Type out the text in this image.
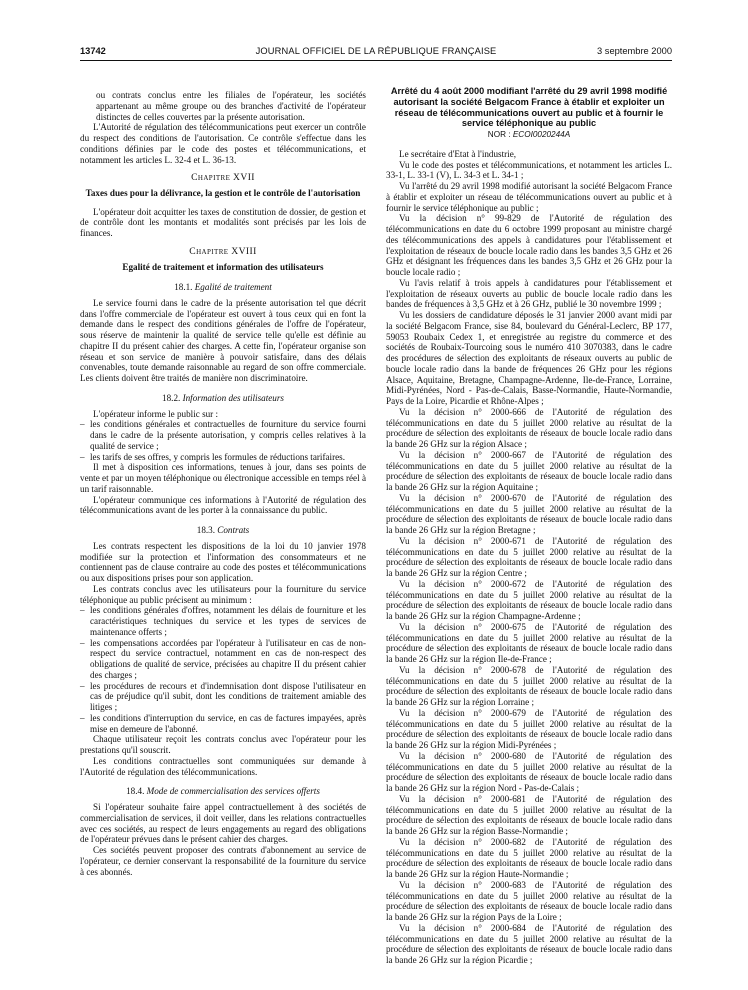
13742	JOURNAL OFFICIEL DE LA RÉPUBLIQUE FRANÇAISE	3 septembre 2000

ou contrats conclus entre les filiales de l'opérateur, les sociétés appartenant au même groupe ou des branches d'activité de l'opérateur distinctes de celles couvertes par la présente autorisation.

L'Autorité de régulation des télécommunications peut exercer un contrôle du respect des conditions de l'autorisation. Ce contrôle s'effectue dans les conditions définies par le code des postes et télécommunications, et notamment les articles L. 32-4 et L. 36-13.

Chapitre XVII
Taxes dues pour la délivrance, la gestion et le contrôle de l'autorisation

L'opérateur doit acquitter les taxes de constitution de dossier, de gestion et de contrôle dont les montants et modalités sont précisés par les lois de finances.

Chapitre XVIII
Egalité de traitement et information des utilisateurs
18.1. Egalité de traitement

Le service fourni dans le cadre de la présente autorisation tel que décrit dans l'offre commerciale de l'opérateur est ouvert à tous ceux qui en font la demande dans le respect des conditions générales de l'offre de l'opérateur, sous réserve de maintenir la qualité de service telle qu'elle est définie au chapitre II du présent cahier des charges. A cette fin, l'opérateur organise son réseau et son service de manière à pouvoir satisfaire, dans des délais convenables, toute demande raisonnable au regard de son offre commerciale. Les clients doivent être traités de manière non discriminatoire.

18.2. Information des utilisateurs

L'opérateur informe le public sur :

– les conditions générales et contractuelles de fourniture du service fourni dans le cadre de la présente autorisation, y compris celles relatives à la qualité de service ;
– les tarifs de ses offres, y compris les formules de réductions tarifaires.

Il met à disposition ces informations, tenues à jour, dans ses points de vente et par un moyen téléphonique ou électronique accessible en temps réel à un tarif raisonnable.

L'opérateur communique ces informations à l'Autorité de régulation des télécommunications avant de les porter à la connaissance du public.

18.3. Contrats

Les contrats respectent les dispositions de la loi du 10 janvier 1978 modifiée sur la protection et l'information des consommateurs et ne contiennent pas de clause contraire au code des postes et télécommunications ou aux dispositions prises pour son application.

Les contrats conclus avec les utilisateurs pour la fourniture du service téléphonique au public précisent au minimum :

– les conditions générales d'offres, notamment les délais de fourniture et les caractéristiques techniques du service et les types de services de maintenance offerts ;
– les compensations accordées par l'opérateur à l'utilisateur en cas de non-respect du service contractuel, notamment en cas de non-respect des obligations de qualité de service, précisées au chapitre II du présent cahier des charges ;
– les procédures de recours et d'indemnisation dont dispose l'utilisateur en cas de préjudice qu'il subit, dont les conditions de traitement amiable des litiges ;
– les conditions d'interruption du service, en cas de factures impayées, après mise en demeure de l'abonné.

Chaque utilisateur reçoit les contrats conclus avec l'opérateur pour les prestations qu'il souscrit.

Les conditions contractuelles sont communiquées sur demande à l'Autorité de régulation des télécommunications.

18.4. Mode de commercialisation des services offerts

Si l'opérateur souhaite faire appel contractuellement à des sociétés de commercialisation de services, il doit veiller, dans les relations contractuelles avec ces sociétés, au respect de leurs engagements au regard des obligations de l'opérateur prévues dans le présent cahier des charges.

Ces sociétés peuvent proposer des contrats d'abonnement au service de l'opérateur, ce dernier conservant la responsabilité de la fourniture du service à ces abonnés.

Arrêté du 4 août 2000 modifiant l'arrêté du 29 avril 1998 modifié autorisant la société Belgacom France à établir et exploiter un réseau de télécommunications ouvert au public et à fournir le service téléphonique au public
NOR : ECOI0020244A

Le secrétaire d'Etat à l'industrie,

Vu le code des postes et télécommunications, et notamment les articles L. 33-1, L. 33-1 (V), L. 34-3 et L. 34-1 ;

Vu l'arrêté du 29 avril 1998 modifié autorisant la société Belgacom France à établir et exploiter un réseau de télécommunications ouvert au public et à fournir le service téléphonique au public ;

Vu la décision n° 99-829 de l'Autorité de régulation des télécommunications en date du 6 octobre 1999 proposant au ministre chargé des télécommunications des appels à candidatures pour l'établissement et l'exploitation de réseaux de boucle locale radio dans les bandes 3,5 GHz et 26 GHz et désignant les fréquences dans les bandes 3,5 GHz et 26 GHz pour la boucle locale radio ;

Vu l'avis relatif à trois appels à candidatures pour l'établissement et l'exploitation de réseaux ouverts au public de boucle locale radio dans les bandes de fréquences à 3,5 GHz et à 26 GHz, publié le 30 novembre 1999 ;

Vu les dossiers de candidature déposés le 31 janvier 2000 avant midi par la société Belgacom France, sise 84, boulevard du Général-Leclerc, BP 177, 59053 Roubaix Cedex 1, et enregistrée au registre du commerce et des sociétés de Roubaix-Tourcoing sous le numéro 410 3070383, dans le cadre des procédures de sélection des exploitants de réseaux ouverts au public de boucle locale radio dans la bande de fréquences 26 GHz pour les régions Alsace, Aquitaine, Bretagne, Champagne-Ardenne, Ile-de-France, Lorraine, Midi-Pyrénées, Nord - Pas-de-Calais, Basse-Normandie, Haute-Normandie, Pays de la Loire, Picardie et Rhône-Alpes ;

Vu la décision n° 2000-666 de l'Autorité de régulation des télécommunications en date du 5 juillet 2000 relative au résultat de la procédure de sélection des exploitants de réseaux de boucle locale radio dans la bande 26 GHz sur la région Alsace ;

Vu la décision n° 2000-667 de l'Autorité de régulation des télécommunications en date du 5 juillet 2000 relative au résultat de la procédure de sélection des exploitants de réseaux de boucle locale radio dans la bande 26 GHz sur la région Aquitaine ;

Vu la décision n° 2000-670 de l'Autorité de régulation des télécommunications en date du 5 juillet 2000 relative au résultat de la procédure de sélection des exploitants de réseaux de boucle locale radio dans la bande 26 GHz sur la région Bretagne ;

Vu la décision n° 2000-671 de l'Autorité de régulation des télécommunications en date du 5 juillet 2000 relative au résultat de la procédure de sélection des exploitants de réseaux de boucle locale radio dans la bande 26 GHz sur la région Centre ;

Vu la décision n° 2000-672 de l'Autorité de régulation des télécommunications en date du 5 juillet 2000 relative au résultat de la procédure de sélection des exploitants de réseaux de boucle locale radio dans la bande 26 GHz sur la région Champagne-Ardenne ;

Vu la décision n° 2000-675 de l'Autorité de régulation des télécommunications en date du 5 juillet 2000 relative au résultat de la procédure de sélection des exploitants de réseaux de boucle locale radio dans la bande 26 GHz sur la région Ile-de-France ;

Vu la décision n° 2000-678 de l'Autorité de régulation des télécommunications en date du 5 juillet 2000 relative au résultat de la procédure de sélection des exploitants de réseaux de boucle locale radio dans la bande 26 GHz sur la région Lorraine ;

Vu la décision n° 2000-679 de l'Autorité de régulation des télécommunications en date du 5 juillet 2000 relative au résultat de la procédure de sélection des exploitants de réseaux de boucle locale radio dans la bande 26 GHz sur la région Midi-Pyrénées ;

Vu la décision n° 2000-680 de l'Autorité de régulation des télécommunications en date du 5 juillet 2000 relative au résultat de la procédure de sélection des exploitants de réseaux de boucle locale radio dans la bande 26 GHz sur la région Nord - Pas-de-Calais ;

Vu la décision n° 2000-681 de l'Autorité de régulation des télécommunications en date du 5 juillet 2000 relative au résultat de la procédure de sélection des exploitants de réseaux de boucle locale radio dans la bande 26 GHz sur la région Basse-Normandie ;

Vu la décision n° 2000-682 de l'Autorité de régulation des télécommunications en date du 5 juillet 2000 relative au résultat de la procédure de sélection des exploitants de réseaux de boucle locale radio dans la bande 26 GHz sur la région Haute-Normandie ;

Vu la décision n° 2000-683 de l'Autorité de régulation des télécommunications en date du 5 juillet 2000 relative au résultat de la procédure de sélection des exploitants de réseaux de boucle locale radio dans la bande 26 GHz sur la région Pays de la Loire ;

Vu la décision n° 2000-684 de l'Autorité de régulation des télécommunications en date du 5 juillet 2000 relative au résultat de la procédure de sélection des exploitants de réseaux de boucle locale radio dans la bande 26 GHz sur la région Picardie ;
